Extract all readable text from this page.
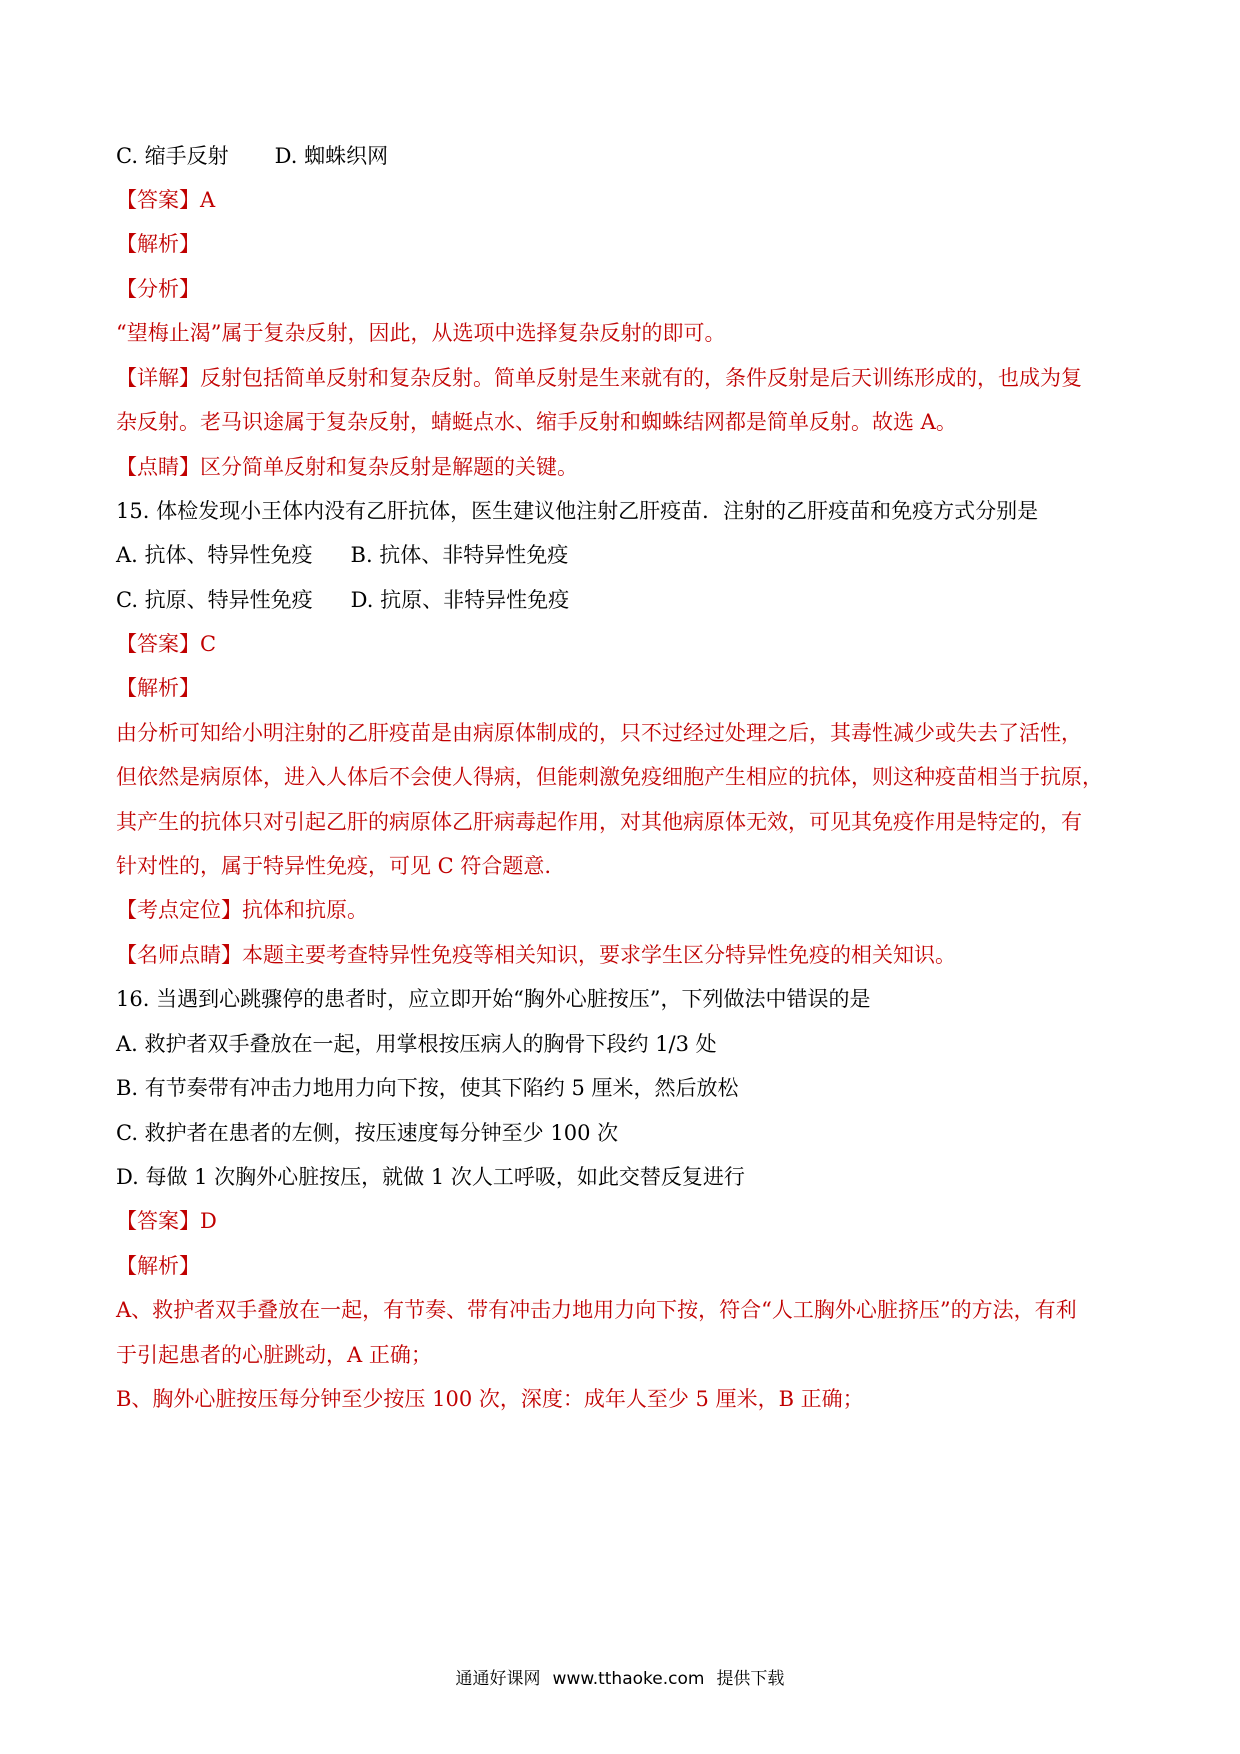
C. 缩手反射 D. 蜘蛛织网
【答案】A
【解析】
【分析】
“望梅止渴”属于复杂反射，因此，从选项中选择复杂反射的即可。
【详解】反射包括简单反射和复杂反射。简单反射是生来就有的，条件反射是后天训练形成的，也成为复
杂反射。老马识途属于复杂反射，蜻蜓点水、缩手反射和蜘蛛结网都是简单反射。故选 A。
【点睛】区分简单反射和复杂反射是解题的关键。
15. 体检发现小王体内没有乙肝抗体，医生建议他注射乙肝疫苗．注射的乙肝疫苗和免疫方式分别是
A. 抗体、特异性免疫 B. 抗体、非特异性免疫
C. 抗原、特异性免疫 D. 抗原、非特异性免疫
【答案】C
【解析】
由分析可知给小明注射的乙肝疫苗是由病原体制成的，只不过经过处理之后，其毒性减少或失去了活性，
但依然是病原体，进入人体后不会使人得病，但能刺激免疫细胞产生相应的抗体，则这种疫苗相当于抗原，
其产生的抗体只对引起乙肝的病原体乙肝病毒起作用，对其他病原体无效，可见其免疫作用是特定的，有
针对性的，属于特异性免疫，可见 C 符合题意.
【考点定位】抗体和抗原。
【名师点睛】本题主要考查特异性免疫等相关知识，要求学生区分特异性免疫的相关知识。
16. 当遇到心跳骤停的患者时，应立即开始“胸外心脏按压”，下列做法中错误的是
A. 救护者双手叠放在一起，用掌根按压病人的胸骨下段约 1/3 处
B. 有节奏带有冲击力地用力向下按，使其下陷约 5 厘米，然后放松
C. 救护者在患者的左侧，按压速度每分钟至少 100 次
D. 每做 1 次胸外心脏按压，就做 1 次人工呼吸，如此交替反复进行
【答案】D
【解析】
A、救护者双手叠放在一起，有节奏、带有冲击力地用力向下按，符合“人工胸外心脏挤压”的方法，有利
于引起患者的心脏跳动，A 正确；
B、胸外心脏按压每分钟至少按压 100 次，深度：成年人至少 5 厘米，B 正确；
通通好课网 www.tthaoke.com 提供下载
